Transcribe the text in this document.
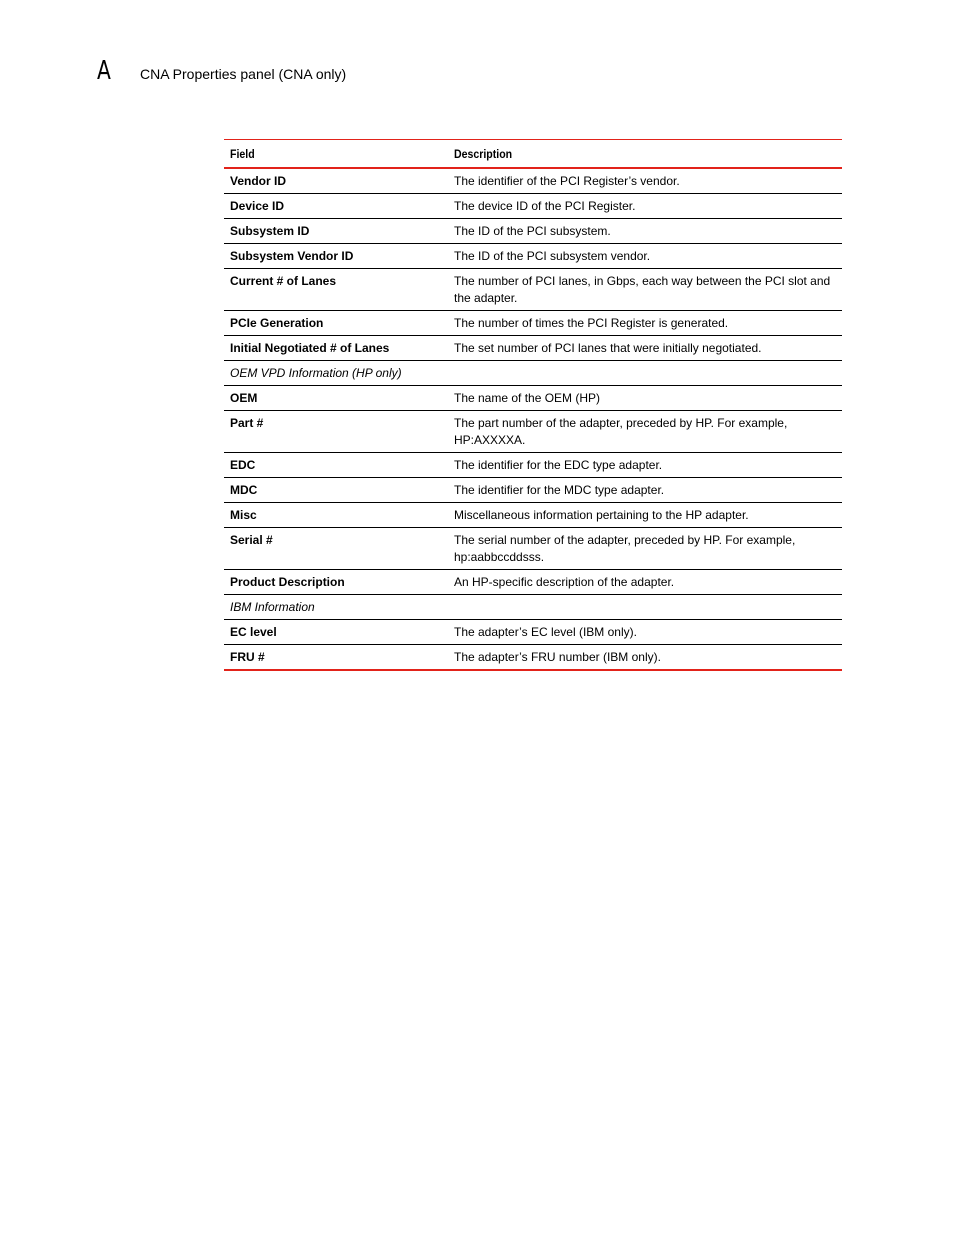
A CNA Properties panel (CNA only)
Field	Description
Vendor ID	The identifier of the PCI Register’s vendor.
Device ID	The device ID of the PCI Register.
Subsystem ID	The ID of the PCI subsystem.
Subsystem Vendor ID	The ID of the PCI subsystem vendor.
Current # of Lanes	The number of PCI lanes, in Gbps, each way between the PCI slot and the adapter.
PCIe Generation	The number of times the PCI Register is generated.
Initial Negotiated # of Lanes	The set number of PCI lanes that were initially negotiated.
OEM VPD Information (HP only)	
OEM	The name of the OEM (HP)
Part #	The part number of the adapter, preceded by HP. For example, HP:AXXXXA.
EDC	The identifier for the EDC type adapter.
MDC	The identifier for the MDC type adapter.
Misc	Miscellaneous information pertaining to the HP adapter.
Serial #	The serial number of the adapter, preceded by HP. For example, hp:aabbccddsss.
Product Description	An HP-specific description of the adapter.
IBM Information	
EC level	The adapter’s EC level (IBM only).
FRU #	The adapter’s FRU number (IBM only).
